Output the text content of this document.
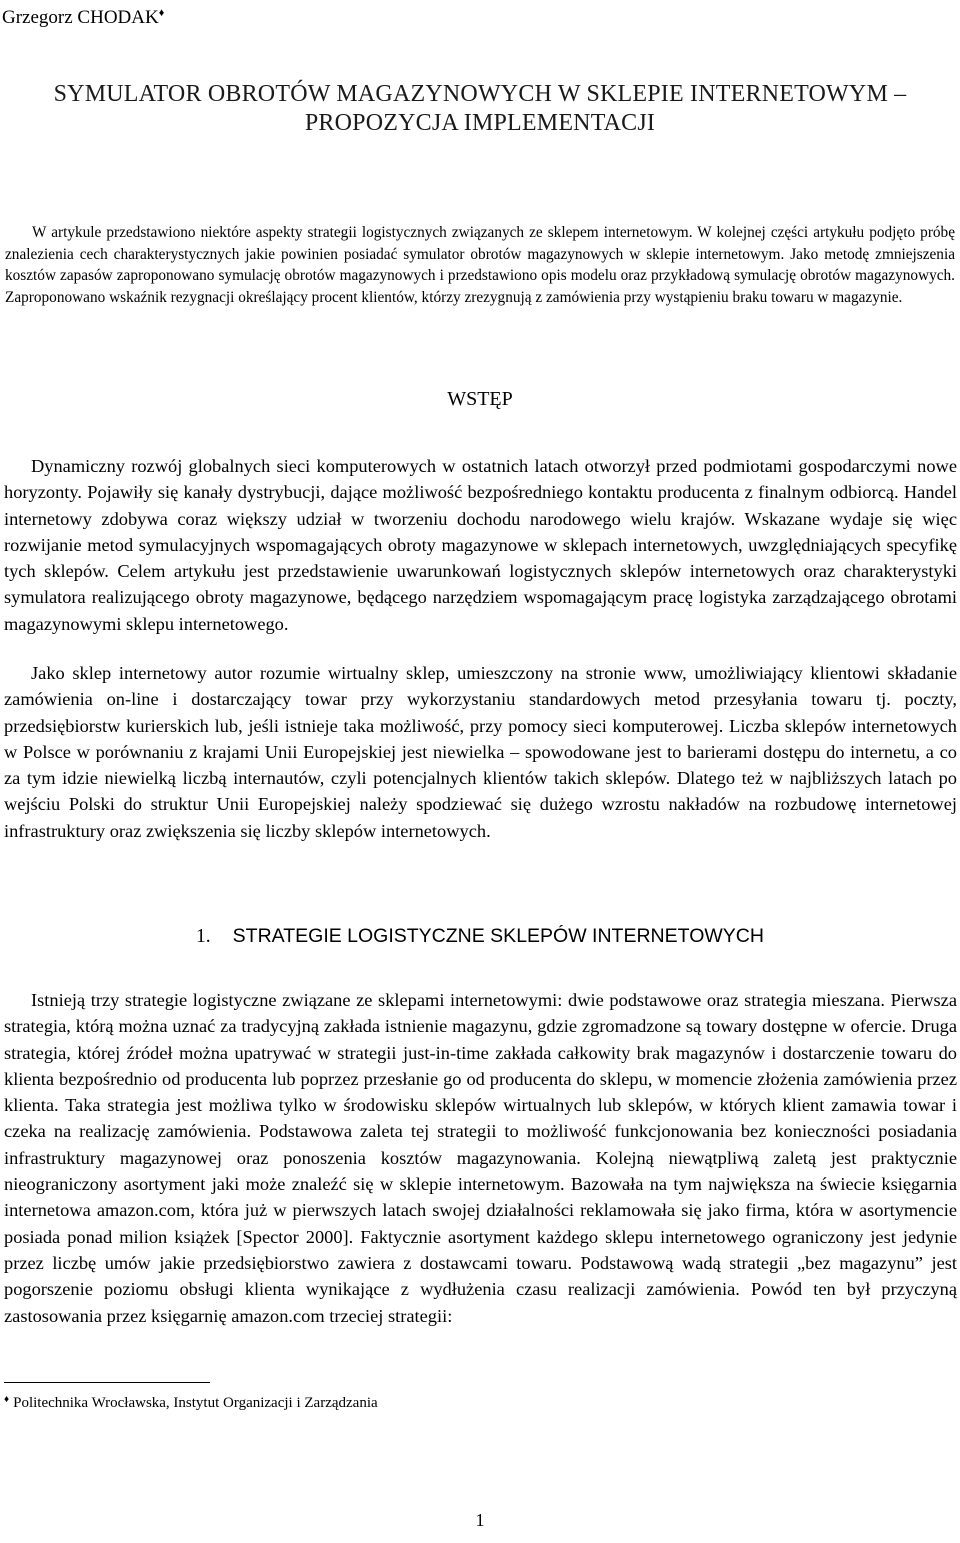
Grzegorz CHODAK♦
SYMULATOR OBROTÓW MAGAZYNOWYCH W SKLEPIE INTERNETOWYM –
PROPOZYCJA IMPLEMENTACJI

W artykule przedstawiono niektóre aspekty strategii logistycznych związanych ze sklepem internetowym. W kolejnej części artykułu podjęto próbę znalezienia cech charakterystycznych jakie powinien posiadać symulator obrotów magazynowych w sklepie internetowym. Jako metodę zmniejszenia kosztów zapasów zaproponowano symulację obrotów magazynowych i przedstawiono opis modelu oraz przykładową symulację obrotów magazynowych. Zaproponowano wskaźnik rezygnacji określający procent klientów, którzy zrezygnują z zamówienia przy wystąpieniu braku towaru w magazynie.

WSTĘP

Dynamiczny rozwój globalnych sieci komputerowych w ostatnich latach otworzył przed podmiotami gospodarczymi nowe horyzonty. Pojawiły się kanały dystrybucji, dające możliwość bezpośredniego kontaktu producenta z finalnym odbiorcą. Handel internetowy zdobywa coraz większy udział w tworzeniu dochodu narodowego wielu krajów. Wskazane wydaje się więc rozwijanie metod symulacyjnych wspomagających obroty magazynowe w sklepach internetowych, uwzględniających specyfikę tych sklepów. Celem artykułu jest przedstawienie uwarunkowań logistycznych sklepów internetowych oraz charakterystyki symulatora realizującego obroty magazynowe, będącego narzędziem wspomagającym pracę logistyka zarządzającego obrotami magazynowymi sklepu internetowego.

Jako sklep internetowy autor rozumie wirtualny sklep, umieszczony na stronie www, umożliwiający klientowi składanie zamówienia on-line i dostarczający towar przy wykorzystaniu standardowych metod przesyłania towaru tj. poczty, przedsiębiorstw kurierskich lub, jeśli istnieje taka możliwość, przy pomocy sieci komputerowej. Liczba sklepów internetowych w Polsce w porównaniu z krajami Unii Europejskiej jest niewielka – spowodowane jest to barierami dostępu do internetu, a co za tym idzie niewielką liczbą internautów, czyli potencjalnych klientów takich sklepów. Dlatego też w najbliższych latach po wejściu Polski do struktur Unii Europejskiej należy spodziewać się dużego wzrostu nakładów na rozbudowę internetowej infrastruktury oraz zwiększenia się liczby sklepów internetowych.

1. STRATEGIE LOGISTYCZNE SKLEPÓW INTERNETOWYCH

Istnieją trzy strategie logistyczne związane ze sklepami internetowymi: dwie podstawowe oraz strategia mieszana. Pierwsza strategia, którą można uznać za tradycyjną zakłada istnienie magazynu, gdzie zgromadzone są towary dostępne w ofercie. Druga strategia, której źródeł można upatrywać w strategii just-in-time zakłada całkowity brak magazynów i dostarczenie towaru do klienta bezpośrednio od producenta lub poprzez przesłanie go od producenta do sklepu, w momencie złożenia zamówienia przez klienta. Taka strategia jest możliwa tylko w środowisku sklepów wirtualnych lub sklepów, w których klient zamawia towar i czeka na realizację zamówienia. Podstawowa zaleta tej strategii to możliwość funkcjonowania bez konieczności posiadania infrastruktury magazynowej oraz ponoszenia kosztów magazynowania. Kolejną niewątpliwą zaletą jest praktycznie nieograniczony asortyment jaki może znaleźć się w sklepie internetowym. Bazowała na tym największa na świecie księgarnia internetowa amazon.com, która już w pierwszych latach swojej działalności reklamowała się jako firma, która w asortymencie posiada ponad milion książek [Spector 2000]. Faktycznie asortyment każdego sklepu internetowego ograniczony jest jedynie przez liczbę umów jakie przedsiębiorstwo zawiera z dostawcami towaru. Podstawową wadą strategii „bez magazynu” jest pogorszenie poziomu obsługi klienta wynikające z wydłużenia czasu realizacji zamówienia. Powód ten był przyczyną zastosowania przez księgarnię amazon.com trzeciej strategii:

♦ Politechnika Wrocławska, Instytut Organizacji i Zarządzania
1
